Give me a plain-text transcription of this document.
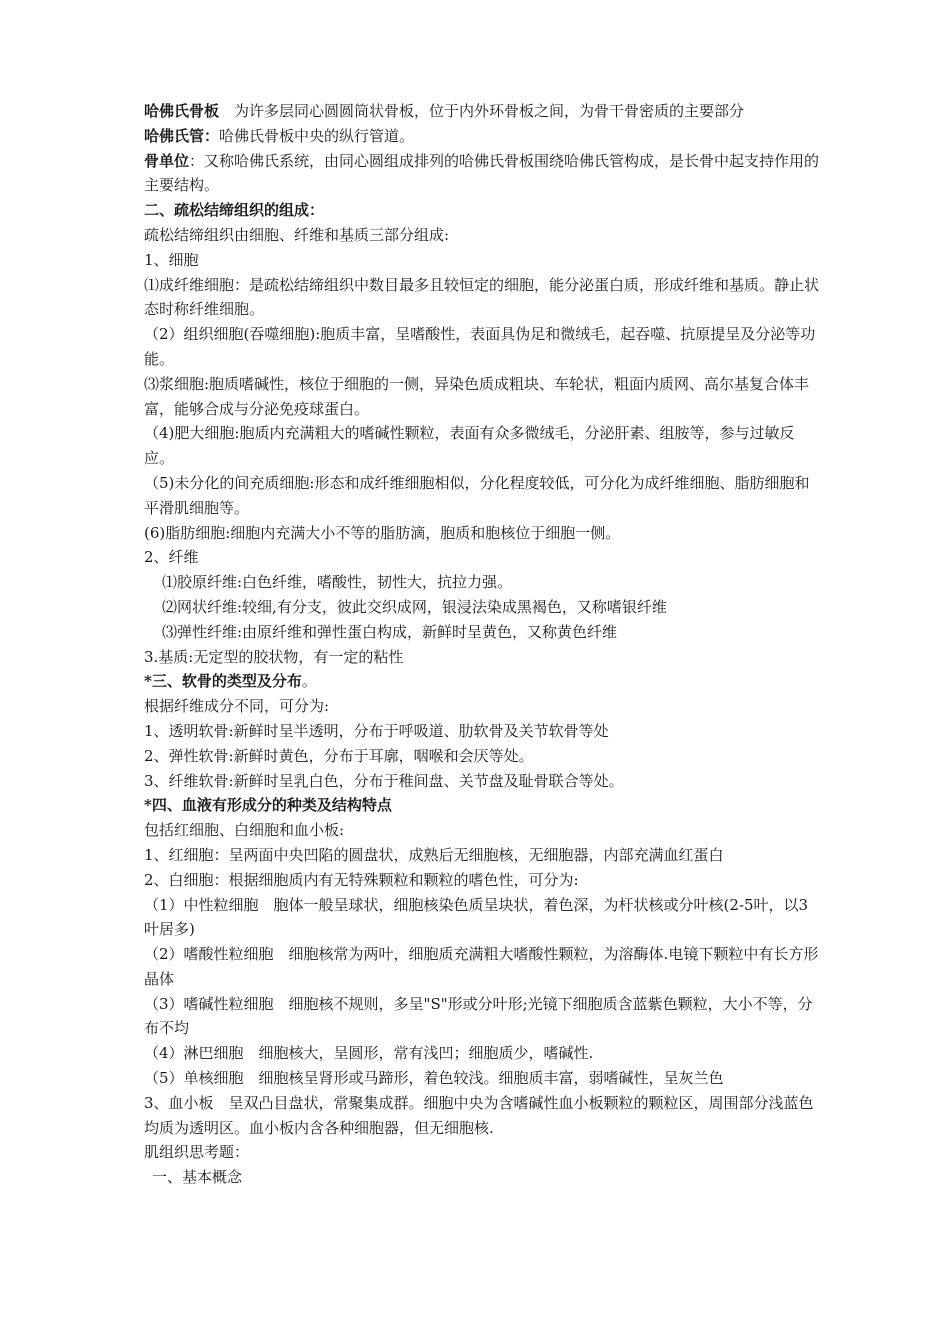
哈佛氏骨板　为许多层同心圆圆筒状骨板，位于内外环骨板之间，为骨干骨密质的主要部分

哈佛氏管：哈佛氏骨板中央的纵行管道。

骨单位：又称哈佛氏系统，由同心圆组成排列的哈佛氏骨板围绕哈佛氏管构成，是长骨中起支持作用的主要结构。

二、疏松结缔组织的组成：

疏松结缔组织由细胞、纤维和基质三部分组成:

1、细胞

⑴成纤维细胞：是疏松结缔组织中数目最多且较恒定的细胞，能分泌蛋白质，形成纤维和基质。静止状态时称纤维细胞。

（2）组织细胞(吞噬细胞):胞质丰富，呈嗜酸性，表面具伪足和微绒毛，起吞噬、抗原提呈及分泌等功能。

⑶浆细胞:胞质嗜碱性，核位于细胞的一侧，异染色质成粗块、车轮状，粗面内质网、高尔基复合体丰富，能够合成与分泌免疫球蛋白。

（4)肥大细胞:胞质内充满粗大的嗜碱性颗粒，表面有众多微绒毛，分泌肝素、组胺等，参与过敏反应。

（5)未分化的间充质细胞:形态和成纤维细胞相似，分化程度较低，可分化为成纤维细胞、脂肪细胞和平滑肌细胞等。

(6)脂肪细胞:细胞内充满大小不等的脂肪滴，胞质和胞核位于细胞一侧。

2、纤维

⑴胶原纤维:白色纤维，嗜酸性，韧性大，抗拉力强。

⑵网状纤维:较细,有分支，彼此交织成网，银浸法染成黑褐色，又称嗜银纤维

⑶弹性纤维:由原纤维和弹性蛋白构成，新鲜时呈黄色，又称黄色纤维

3.基质:无定型的胶状物，有一定的粘性

*三、软骨的类型及分布。

根据纤维成分不同，可分为:

1、透明软骨:新鲜时呈半透明，分布于呼吸道、肋软骨及关节软骨等处

2、弹性软骨:新鲜时黄色，分布于耳廓，咽喉和会厌等处。

3、纤维软骨:新鲜时呈乳白色，分布于稚间盘、关节盘及耻骨联合等处。

*四、血液有形成分的种类及结构特点

包括红细胞、白细胞和血小板:

1、红细胞：呈两面中央凹陷的圆盘状，成熟后无细胞核，无细胞器，内部充满血红蛋白

2、白细胞：根据细胞质内有无特殊颗粒和颗粒的嗜色性，可分为:

（1）中性粒细胞　胞体一般呈球状，细胞核染色质呈块状，着色深，为杆状核或分叶核(2-5叶，以3叶居多)

（2）嗜酸性粒细胞　细胞核常为两叶，细胞质充满粗大嗜酸性颗粒，为溶酶体.电镜下颗粒中有长方形晶体

（3）嗜碱性粒细胞　细胞核不规则，多呈"S"形或分叶形;光镜下细胞质含蓝紫色颗粒，大小不等，分布不均

（4）淋巴细胞　细胞核大，呈圆形，常有浅凹；细胞质少，嗜碱性.

（5）单核细胞　细胞核呈肾形或马蹄形，着色较浅。细胞质丰富，弱嗜碱性，呈灰兰色

3、血小板　呈双凸目盘状，常聚集成群。细胞中央为含嗜碱性血小板颗粒的颗粒区，周围部分浅蓝色均质为透明区。血小板内含各种细胞器，但无细胞核.

肌组织思考题：

一、基本概念
